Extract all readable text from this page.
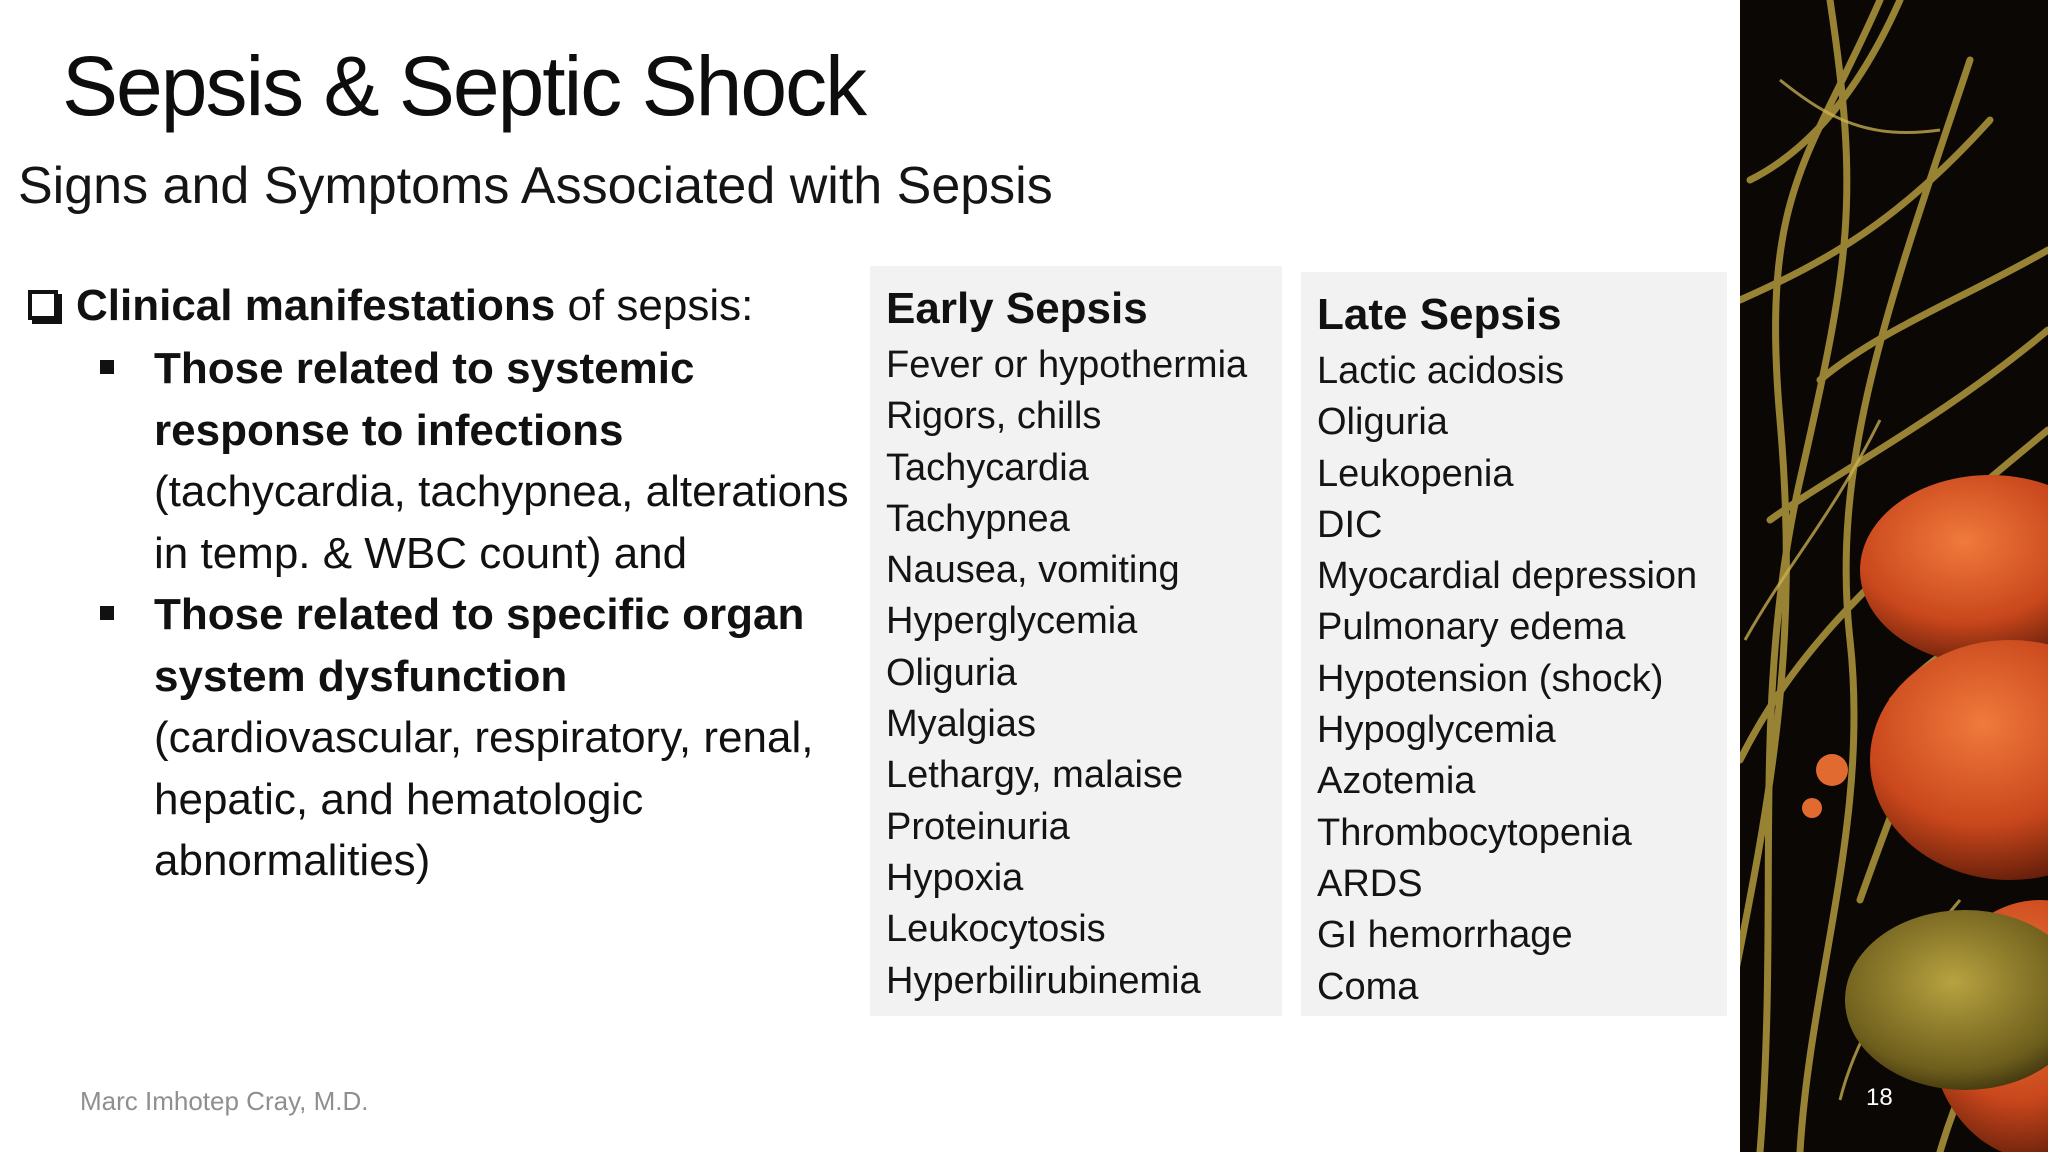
Sepsis & Septic Shock
Signs and Symptoms Associated with Sepsis
Clinical manifestations of sepsis:
Those related to systemic response to infections (tachycardia, tachypnea, alterations in temp. & WBC count) and
Those related to specific organ system dysfunction (cardiovascular, respiratory, renal, hepatic, and hematologic abnormalities)
Early Sepsis
Fever or hypothermia
Rigors, chills
Tachycardia
Tachypnea
Nausea, vomiting
Hyperglycemia
Oliguria
Myalgias
Lethargy, malaise
Proteinuria
Hypoxia
Leukocytosis
Hyperbilirubinemia
Late Sepsis
Lactic acidosis
Oliguria
Leukopenia
DIC
Myocardial depression
Pulmonary edema
Hypotension (shock)
Hypoglycemia
Azotemia
Thrombocytopenia
ARDS
GI hemorrhage
Coma
Marc Imhotep Cray, M.D.	18
